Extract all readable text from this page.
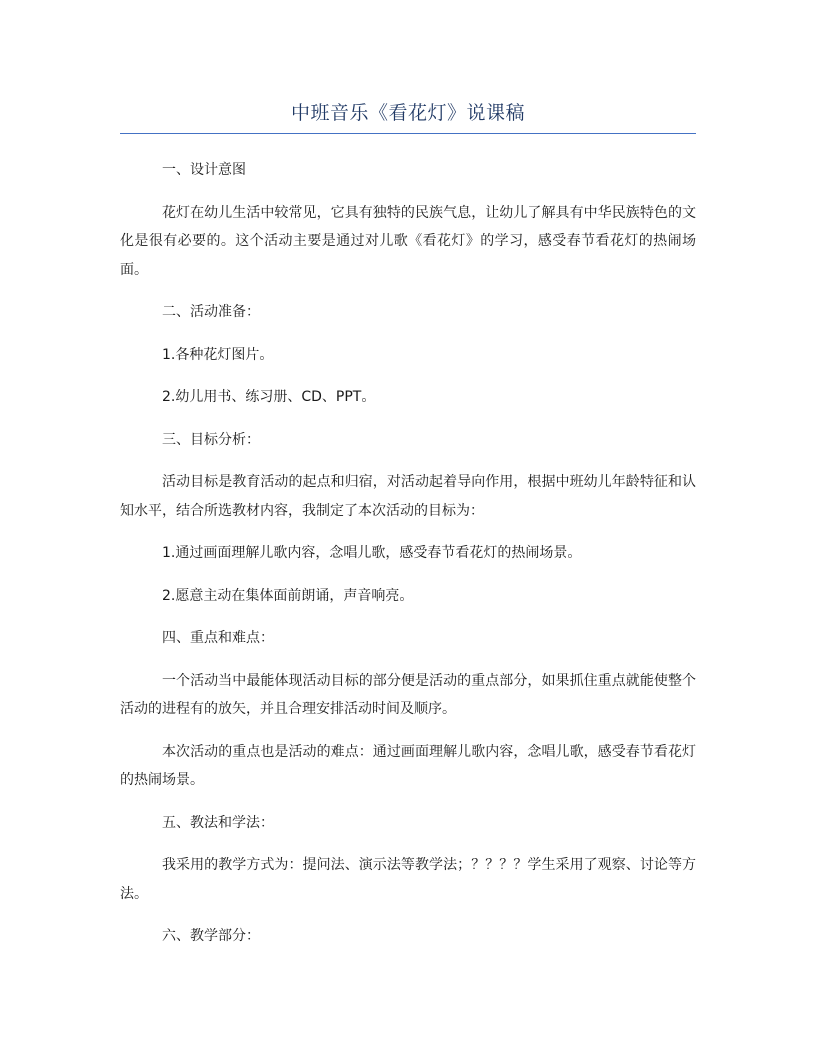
中班音乐《看花灯》说课稿

一、设计意图

花灯在幼儿生活中较常见，它具有独特的民族气息，让幼儿了解具有中华民族特色的文化是很有必要的。这个活动主要是通过对儿歌《看花灯》的学习，感受春节看花灯的热闹场面。

二、活动准备：

1.各种花灯图片。

2.幼儿用书、练习册、CD、PPT。

三、目标分析：

活动目标是教育活动的起点和归宿，对活动起着导向作用，根据中班幼儿年龄特征和认知水平，结合所选教材内容，我制定了本次活动的目标为：

1.通过画面理解儿歌内容，念唱儿歌，感受春节看花灯的热闹场景。

2.愿意主动在集体面前朗诵，声音响亮。

四、重点和难点：

一个活动当中最能体现活动目标的部分便是活动的重点部分，如果抓住重点就能使整个活动的进程有的放矢，并且合理安排活动时间及顺序。

本次活动的重点也是活动的难点：通过画面理解儿歌内容，念唱儿歌，感受春节看花灯的热闹场景。

五、教法和学法：

我采用的教学方式为：提问法、演示法等教学法；？？？？学生采用了观察、讨论等方法。

六、教学部分：
